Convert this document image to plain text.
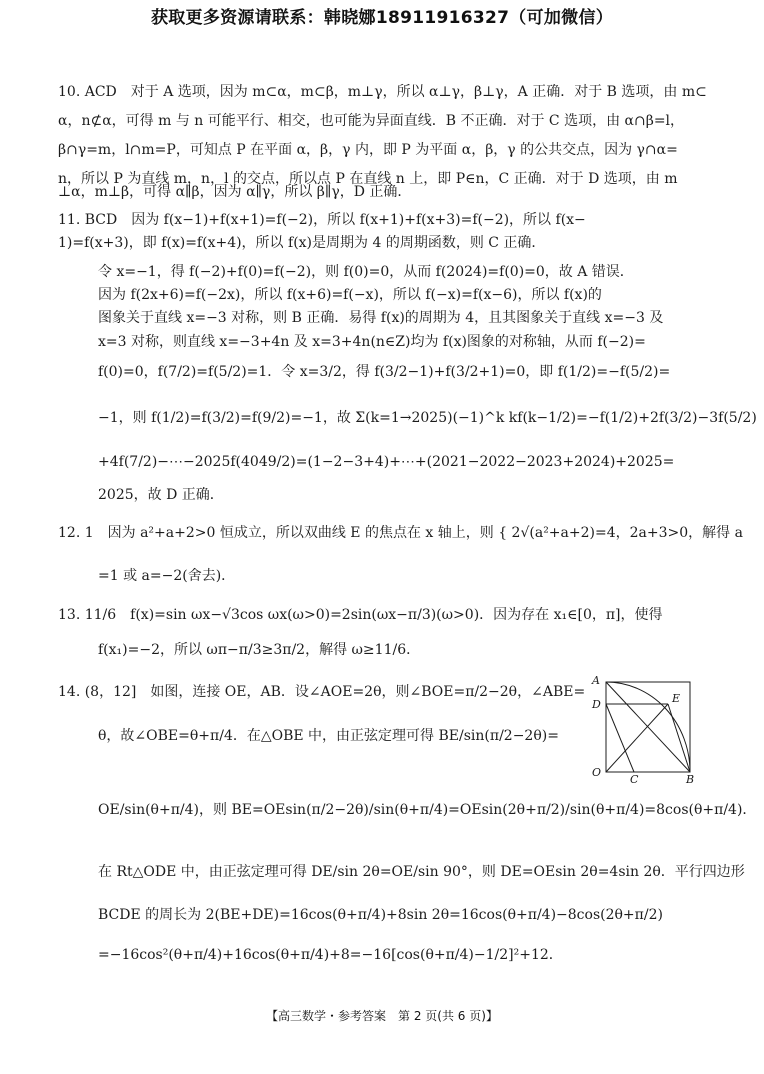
获取更多资源请联系：韩晓娜18911916327（可加微信）
10. ACD　对于 A 选项，因为 m⊂α，m⊂β，m⊥γ，所以 α⊥γ，β⊥γ，A 正确．对于 B 选项，由 m⊂
α，n⊄α，可得 m 与 n 可能平行、相交，也可能为异面直线．B 不正确．对于 C 选项，由 α∩β=l，
β∩γ=m，l∩m=P，可知点 P 在平面 α，β，γ 内，即 P 为平面 α，β，γ 的公共交点，因为 γ∩α=
n，所以 P 为直线 m，n，l 的交点，所以点 P 在直线 n 上，即 P∈n，C 正确．对于 D 选项，由 m
⊥α，m⊥β，可得 α∥β，因为 α∥γ，所以 β∥γ，D 正确．
11. BCD　因为 f(x−1)+f(x+1)=f(−2)，所以 f(x+1)+f(x+3)=f(−2)，所以 f(x−
1)=f(x+3)，即 f(x)=f(x+4)，所以 f(x)是周期为 4 的周期函数，则 C 正确．
令 x=−1，得 f(−2)+f(0)=f(−2)，则 f(0)=0，从而 f(2024)=f(0)=0，故 A 错误．
因为 f(2x+6)=f(−2x)，所以 f(x+6)=f(−x)，所以 f(−x)=f(x−6)，所以 f(x)的
图象关于直线 x=−3 对称，则 B 正确．易得 f(x)的周期为 4，且其图象关于直线 x=−3 及
x=3 对称，则直线 x=−3+4n 及 x=3+4n(n∈Z)均为 f(x)图象的对称轴，从而 f(−2)=
f(0)=0，f(7/2)=f(5/2)=1．令 x=3/2，得 f(3/2−1)+f(3/2+1)=0，即 f(1/2)=−f(5/2)=
−1，则 f(1/2)=f(3/2)=f(9/2)=−1，故 Σ(k=1→2025)(−1)^k kf(k−1/2)=−f(1/2)+2f(3/2)−3f(5/2)
+4f(7/2)−⋯−2025f(4049/2)=(1−2−3+4)+⋯+(2021−2022−2023+2024)+2025=
2025，故 D 正确．
12. 1　因为 a²+a+2>0 恒成立，所以双曲线 E 的焦点在 x 轴上，则 { 2√(a²+a+2)=4，2a+3>0，解得 a
=1 或 a=−2(舍去)．
13. 11/6　f(x)=sin ωx−√3cos ωx(ω>0)=2sin(ωx−π/3)(ω>0)．因为存在 x₁∈[0，π]，使得
f(x₁)=−2，所以 ωπ−π/3≥3π/2，解得 ω≥11/6．
14. (8，12]　如图，连接 OE，AB．设∠AOE=2θ，则∠BOE=π/2−2θ，∠ABE=
θ，故∠OBE=θ+π/4．在△OBE 中，由正弦定理可得 BE/sin(π/2−2θ)=
OE/sin(θ+π/4)，则 BE=OEsin(π/2−2θ)/sin(θ+π/4)=OEsin(2θ+π/2)/sin(θ+π/4)=8cos(θ+π/4)．
在 Rt△ODE 中，由正弦定理可得 DE/sin 2θ=OE/sin 90°，则 DE=OEsin 2θ=4sin 2θ．平行四边形
BCDE 的周长为 2(BE+DE)=16cos(θ+π/4)+8sin 2θ=16cos(θ+π/4)−8cos(2θ+π/2)
=−16cos²(θ+π/4)+16cos(θ+π/4)+8=−16[cos(θ+π/4)−1/2]²+12．
A
D	E
O
C	B
【高三数学・参考答案　第 2 页(共 6 页)】
